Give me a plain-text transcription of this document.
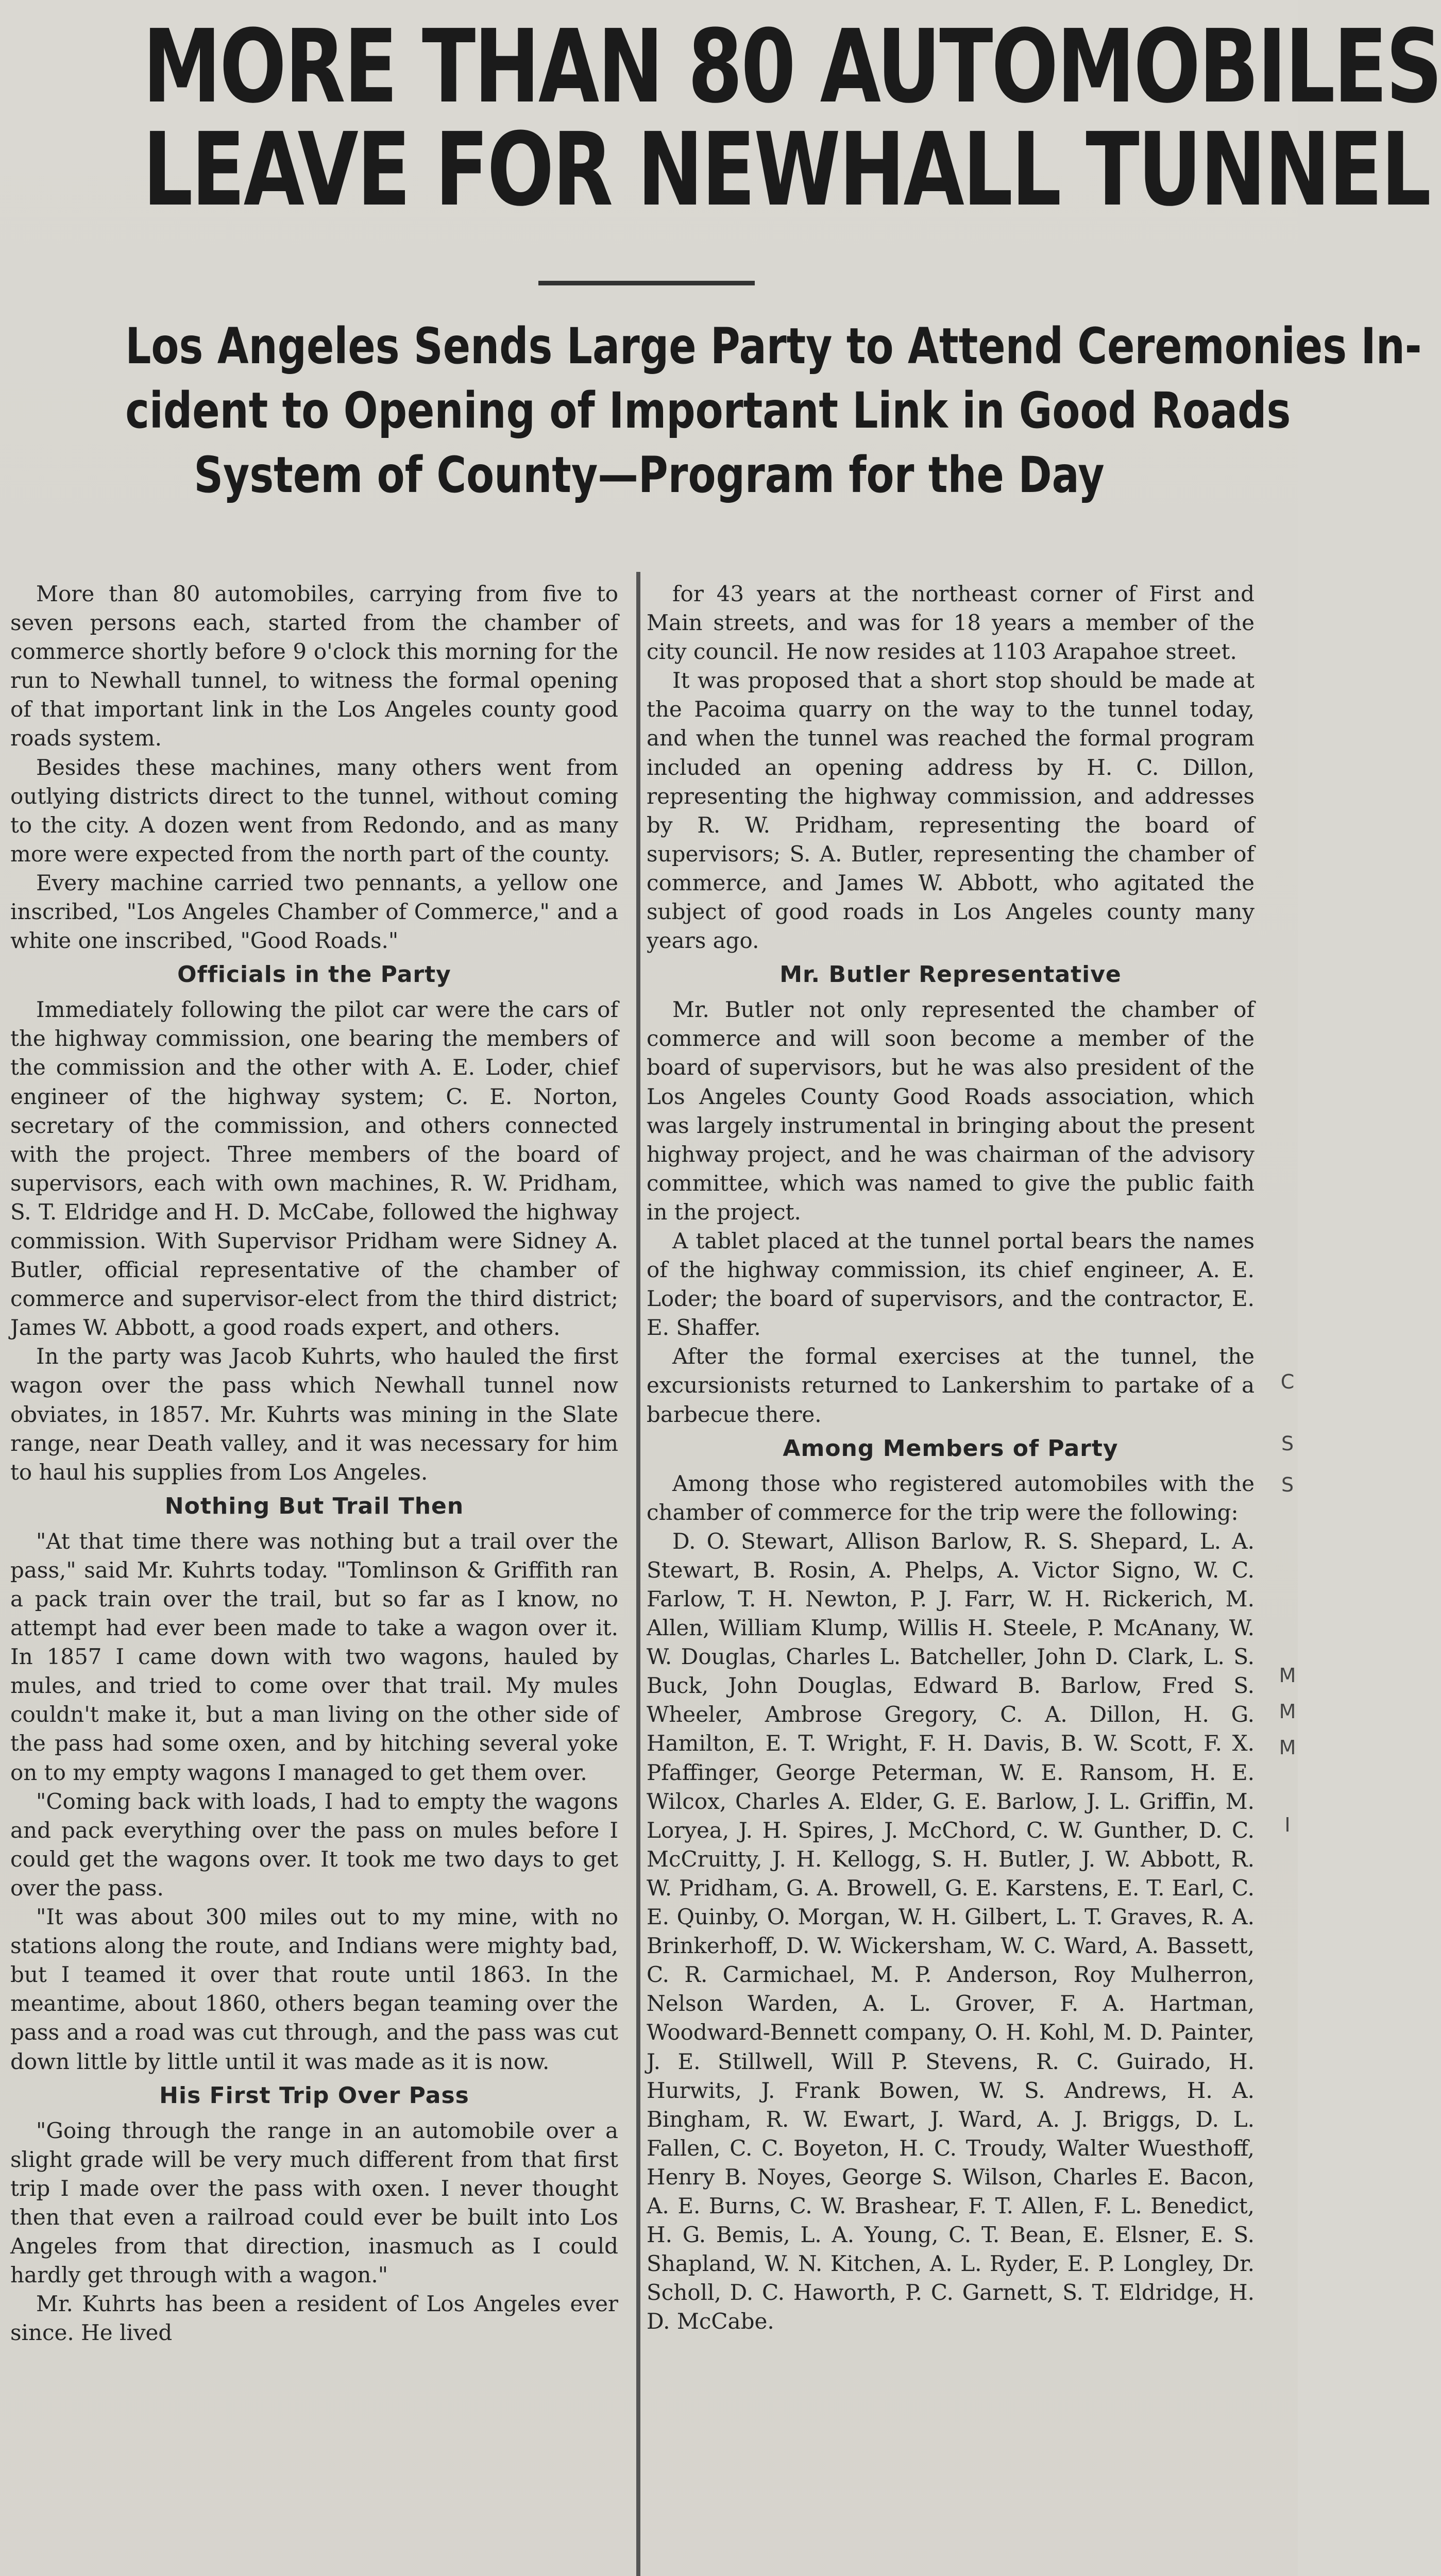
MORE THAN 80 AUTOMOBILES
LEAVE FOR NEWHALL TUNNEL
Los Angeles Sends Large Party to Attend Ceremonies In-
cident to Opening of Important Link in Good Roads
System of County—Program for the Day

More than 80 automobiles, carrying from five to seven persons each, started from the chamber of commerce shortly before 9 o'clock this morning for the run to Newhall tunnel, to witness the formal opening of that important link in the Los Angeles county good roads system.

Besides these machines, many others went from outlying districts direct to the tunnel, without coming to the city. A dozen went from Redondo, and as many more were expected from the north part of the county.

Every machine carried two pennants, a yellow one inscribed, "Los Angeles Chamber of Commerce," and a white one inscribed, "Good Roads."

Officials in the Party

Immediately following the pilot car were the cars of the highway commission, one bearing the members of the commission and the other with A. E. Loder, chief engineer of the highway system; C. E. Norton, secretary of the commission, and others connected with the project. Three members of the board of supervisors, each with own machines, R. W. Pridham, S. T. Eldridge and H. D. McCabe, followed the highway commission. With Supervisor Pridham were Sidney A. Butler, official representative of the chamber of commerce and supervisor-elect from the third district; James W. Abbott, a good roads expert, and others.

In the party was Jacob Kuhrts, who hauled the first wagon over the pass which Newhall tunnel now obviates, in 1857. Mr. Kuhrts was mining in the Slate range, near Death valley, and it was necessary for him to haul his supplies from Los Angeles.

Nothing But Trail Then

"At that time there was nothing but a trail over the pass," said Mr. Kuhrts today. "Tomlinson & Griffith ran a pack train over the trail, but so far as I know, no attempt had ever been made to take a wagon over it. In 1857 I came down with two wagons, hauled by mules, and tried to come over that trail. My mules couldn't make it, but a man living on the other side of the pass had some oxen, and by hitching several yoke on to my empty wagons I managed to get them over.

"Coming back with loads, I had to empty the wagons and pack everything over the pass on mules before I could get the wagons over. It took me two days to get over the pass.

"It was about 300 miles out to my mine, with no stations along the route, and Indians were mighty bad, but I teamed it over that route until 1863. In the meantime, about 1860, others began teaming over the pass and a road was cut through, and the pass was cut down little by little until it was made as it is now.

His First Trip Over Pass

"Going through the range in an automobile over a slight grade will be very much different from that first trip I made over the pass with oxen. I never thought then that even a railroad could ever be built into Los Angeles from that direction, inasmuch as I could hardly get through with a wagon."

Mr. Kuhrts has been a resident of Los Angeles ever since. He lived

for 43 years at the northeast corner of First and Main streets, and was for 18 years a member of the city council. He now resides at 1103 Arapahoe street.

It was proposed that a short stop should be made at the Pacoima quarry on the way to the tunnel today, and when the tunnel was reached the formal program included an opening address by H. C. Dillon, representing the highway commission, and addresses by R. W. Pridham, representing the board of supervisors; S. A. Butler, representing the chamber of commerce, and James W. Abbott, who agitated the subject of good roads in Los Angeles county many years ago.

Mr. Butler Representative

Mr. Butler not only represented the chamber of commerce and will soon become a member of the board of supervisors, but he was also president of the Los Angeles County Good Roads association, which was largely instrumental in bringing about the present highway project, and he was chairman of the advisory committee, which was named to give the public faith in the project.

A tablet placed at the tunnel portal bears the names of the highway commission, its chief engineer, A. E. Loder; the board of supervisors, and the contractor, E. E. Shaffer.

After the formal exercises at the tunnel, the excursionists returned to Lankershim to partake of a barbecue there.

Among Members of Party

Among those who registered automobiles with the chamber of commerce for the trip were the following:

D. O. Stewart, Allison Barlow, R. S. Shepard, L. A. Stewart, B. Rosin, A. Phelps, A. Victor Signo, W. C. Farlow, T. H. Newton, P. J. Farr, W. H. Rickerich, M. Allen, William Klump, Willis H. Steele, P. McAnany, W. W. Douglas, Charles L. Batcheller, John D. Clark, L. S. Buck, John Douglas, Edward B. Barlow, Fred S. Wheeler, Ambrose Gregory, C. A. Dillon, H. G. Hamilton, E. T. Wright, F. H. Davis, B. W. Scott, F. X. Pfaffinger, George Peterman, W. E. Ransom, H. E. Wilcox, Charles A. Elder, G. E. Barlow, J. L. Griffin, M. Loryea, J. H. Spires, J. McChord, C. W. Gunther, D. C. McCruitty, J. H. Kellogg, S. H. Butler, J. W. Abbott, R. W. Pridham, G. A. Browell, G. E. Karstens, E. T. Earl, C. E. Quinby, O. Morgan, W. H. Gilbert, L. T. Graves, R. A. Brinkerhoff, D. W. Wickersham, W. C. Ward, A. Bassett, C. R. Carmichael, M. P. Anderson, Roy Mulherron, Nelson Warden, A. L. Grover, F. A. Hartman, Woodward-Bennett company, O. H. Kohl, M. D. Painter, J. E. Stillwell, Will P. Stevens, R. C. Guirado, H. Hurwits, J. Frank Bowen, W. S. Andrews, H. A. Bingham, R. W. Ewart, J. Ward, A. J. Briggs, D. L. Fallen, C. C. Boyeton, H. C. Troudy, Walter Wuesthoff, Henry B. Noyes, George S. Wilson, Charles E. Bacon, A. E. Burns, C. W. Brashear, F. T. Allen, F. L. Benedict, H. G. Bemis, L. A. Young, C. T. Bean, E. Elsner, E. S. Shapland, W. N. Kitchen, A. L. Ryder, E. P. Longley, Dr. Scholl, D. C. Haworth, P. C. Garnett, S. T. Eldridge, H. D. McCabe.

C
S
S
M
M
M
I
